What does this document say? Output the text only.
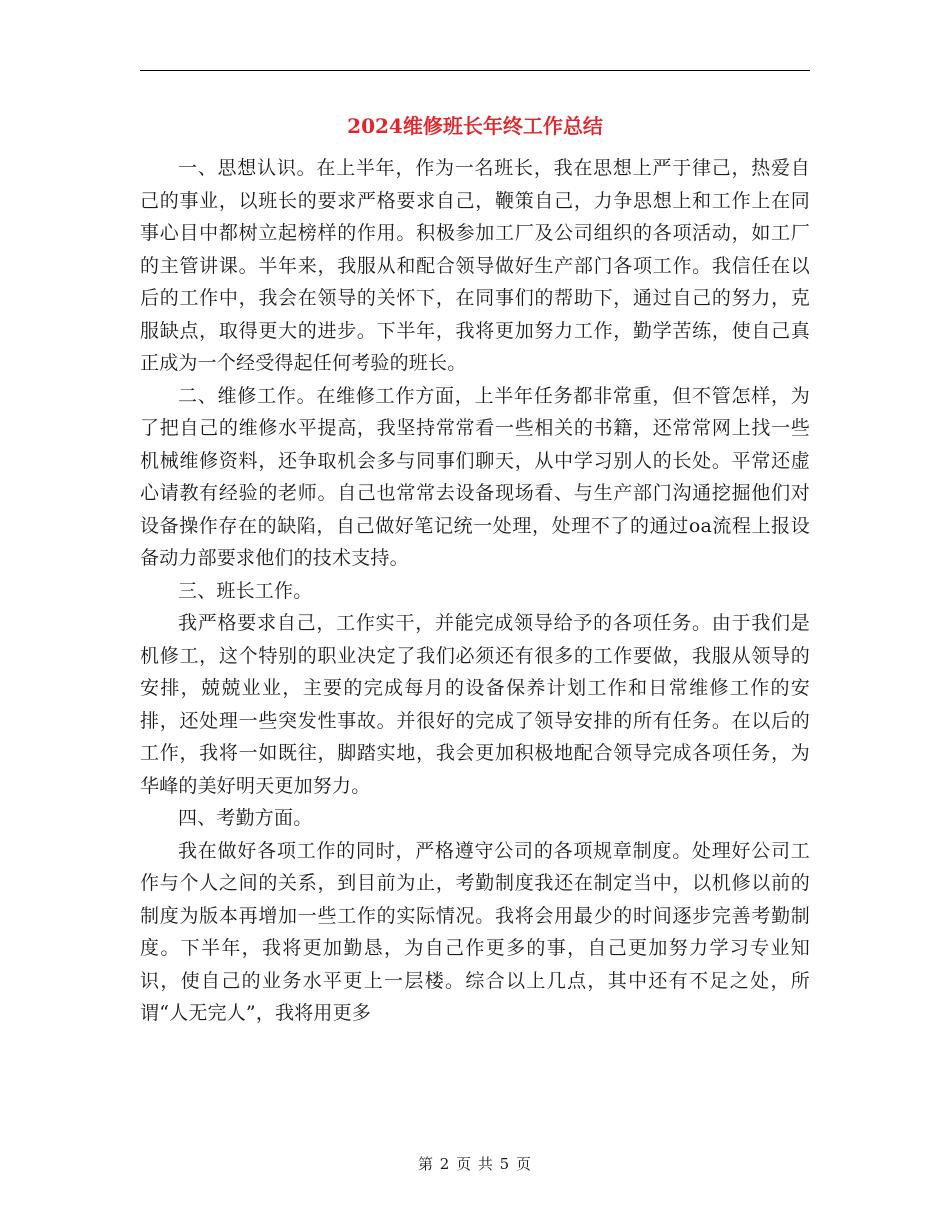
2024维修班长年终工作总结

一、思想认识。在上半年，作为一名班长，我在思想上严于律己，热爱自己的事业，以班长的要求严格要求自己，鞭策自己，力争思想上和工作上在同事心目中都树立起榜样的作用。积极参加工厂及公司组织的各项活动，如工厂的主管讲课。半年来，我服从和配合领导做好生产部门各项工作。我信任在以后的工作中，我会在领导的关怀下，在同事们的帮助下，通过自己的努力，克服缺点，取得更大的进步。下半年，我将更加努力工作，勤学苦练，使自己真正成为一个经受得起任何考验的班长。

二、维修工作。在维修工作方面，上半年任务都非常重，但不管怎样，为了把自己的维修水平提高，我坚持常常看一些相关的书籍，还常常网上找一些机械维修资料，还争取机会多与同事们聊天，从中学习别人的长处。平常还虚心请教有经验的老师。自己也常常去设备现场看、与生产部门沟通挖掘他们对设备操作存在的缺陷，自己做好笔记统一处理，处理不了的通过oa流程上报设备动力部要求他们的技术支持。

三、班长工作。

我严格要求自己，工作实干，并能完成领导给予的各项任务。由于我们是机修工，这个特别的职业决定了我们必须还有很多的工作要做，我服从领导的安排，兢兢业业，主要的完成每月的设备保养计划工作和日常维修工作的安排，还处理一些突发性事故。并很好的完成了领导安排的所有任务。在以后的工作，我将一如既往，脚踏实地，我会更加积极地配合领导完成各项任务，为华峰的美好明天更加努力。

四、考勤方面。

我在做好各项工作的同时，严格遵守公司的各项规章制度。处理好公司工作与个人之间的关系，到目前为止，考勤制度我还在制定当中，以机修以前的制度为版本再增加一些工作的实际情况。我将会用最少的时间逐步完善考勤制度。下半年，我将更加勤恳，为自己作更多的事，自己更加努力学习专业知识，使自己的业务水平更上一层楼。综合以上几点，其中还有不足之处，所谓“人无完人”，我将用更多

第 2 页 共 5 页
